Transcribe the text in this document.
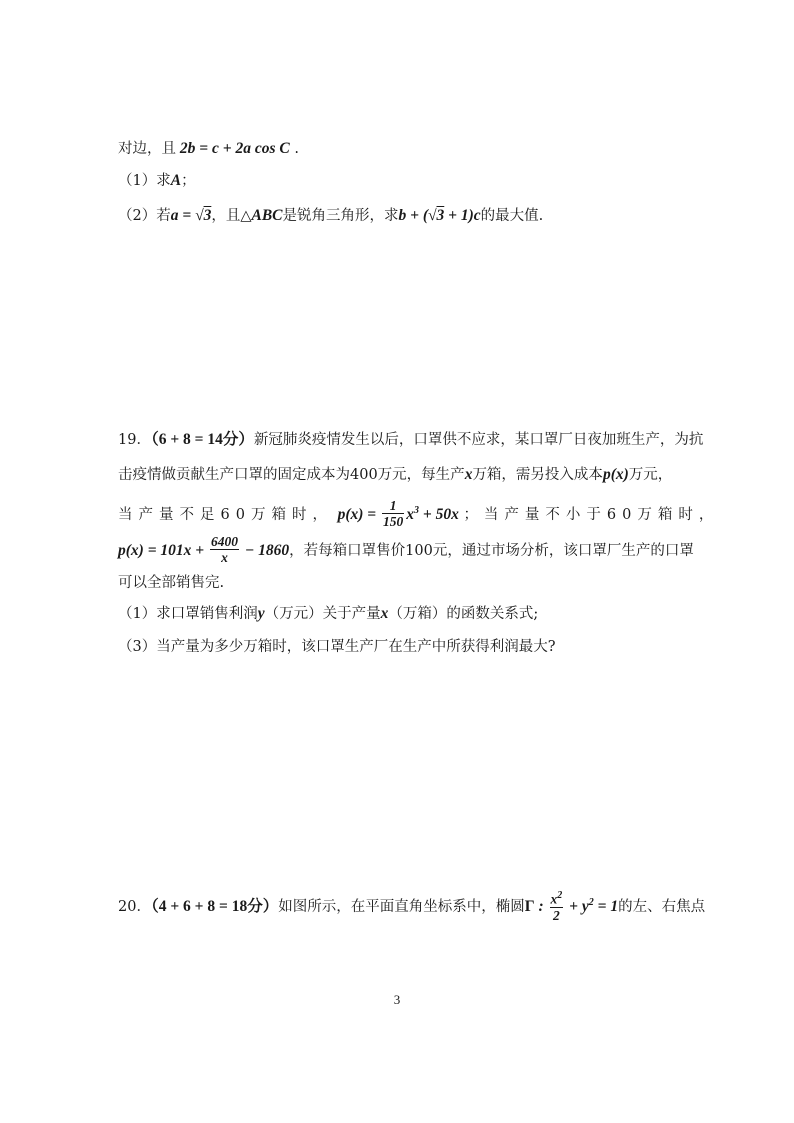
对边，且 2b = c + 2a cos C .
（1）求A；
（2）若a = √3，且△ABC是锐角三角形，求b + (√3 + 1)c的最大值.
19．（6 + 8 = 14分）新冠肺炎疫情发生以后，口罩供不应求，某口罩厂日夜加班生产，为抗
击疫情做贡献生产口罩的固定成本为400万元，每生产x万箱，需另投入成本p(x)万元，
当产量不足60万箱时， $p(x) = \frac{1}{150} x^3 + 50x$ ；当产量不小于60万箱时，
$p(x) = 101x + \frac{6400}{x} - 1860$，若每箱口罩售价100元，通过市场分析，该口罩厂生产的口罩
可以全部销售完.
（1）求口罩销售利润y（万元）关于产量x（万箱）的函数关系式;
（3）当产量为多少万箱时，该口罩生产厂在生产中所获得利润最大?
20．（4 + 6 + 8 = 18分）如图所示，在平面直角坐标系中，椭圆Γ : $\frac{x^2}{2} + y^2 = 1$的左、右焦点
3
